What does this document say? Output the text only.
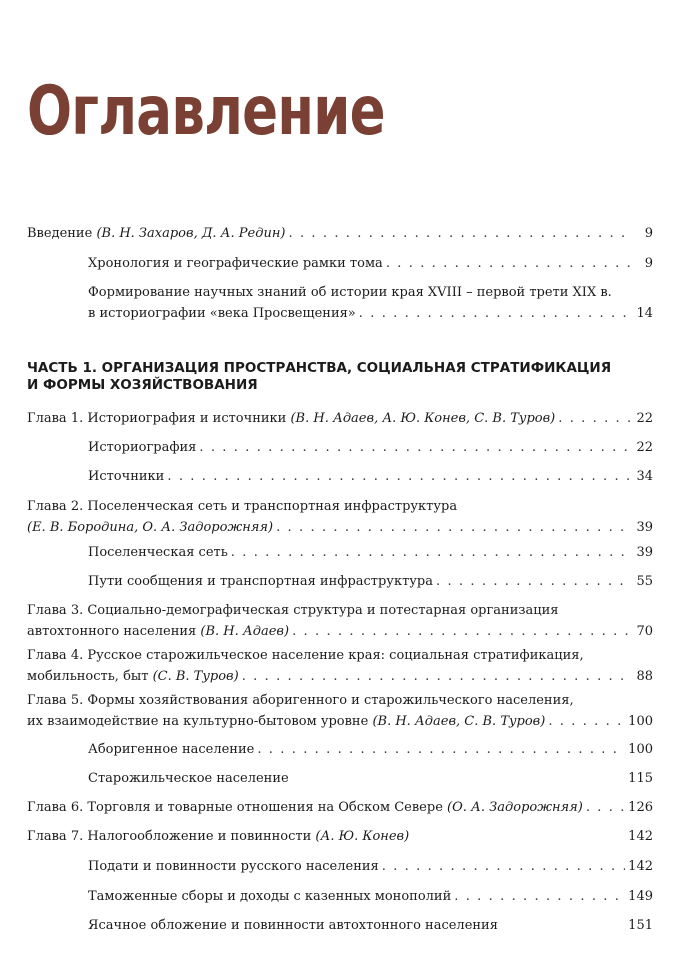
Оглавление
Введение (В. Н. Захаров, Д. А. Редин) . . .	9
Хронология и географические рамки тома . . .	9
Формирование научных знаний об истории края XVIII – первой трети XIX в.
в историографии «века Просвещения» . . .	14
ЧАСТЬ 1. ОРГАНИЗАЦИЯ ПРОСТРАНСТВА, СОЦИАЛЬНАЯ СТРАТИФИКАЦИЯ
И ФОРМЫ ХОЗЯЙСТВОВАНИЯ
Глава 1. Историография и источники (В. Н. Адаев, А. Ю. Конев, С. В. Туров) . . .	22
Историография . . .	22
Источники . . .	34
Глава 2. Поселенческая сеть и транспортная инфраструктура
(Е. В. Бородина, О. А. Задорожняя) . . .	39
Поселенческая сеть . . .	39
Пути сообщения и транспортная инфраструктура . . .	55
Глава 3. Социально-демографическая структура и потестарная организация
автохтонного населения (В. Н. Адаев) . . .	70
Глава 4. Русское старожильческое население края: социальная стратификация,
мобильность, быт (С. В. Туров) . . .	88
Глава 5. Формы хозяйствования аборигенного и старожильческого населения,
их взаимодействие на культурно-бытовом уровне (В. Н. Адаев, С. В. Туров) . . .	100
Аборигенное население . . .	100
Старожильческое население	115
Глава 6. Торговля и товарные отношения на Обском Севере (О. А. Задорожняя) . . .	126
Глава 7. Налогообложение и повинности (А. Ю. Конев)	142
Подати и повинности русского населения . . .	142
Таможенные сборы и доходы с казенных монополий . . .	149
Ясачное обложение и повинности автохтонного населения	151
